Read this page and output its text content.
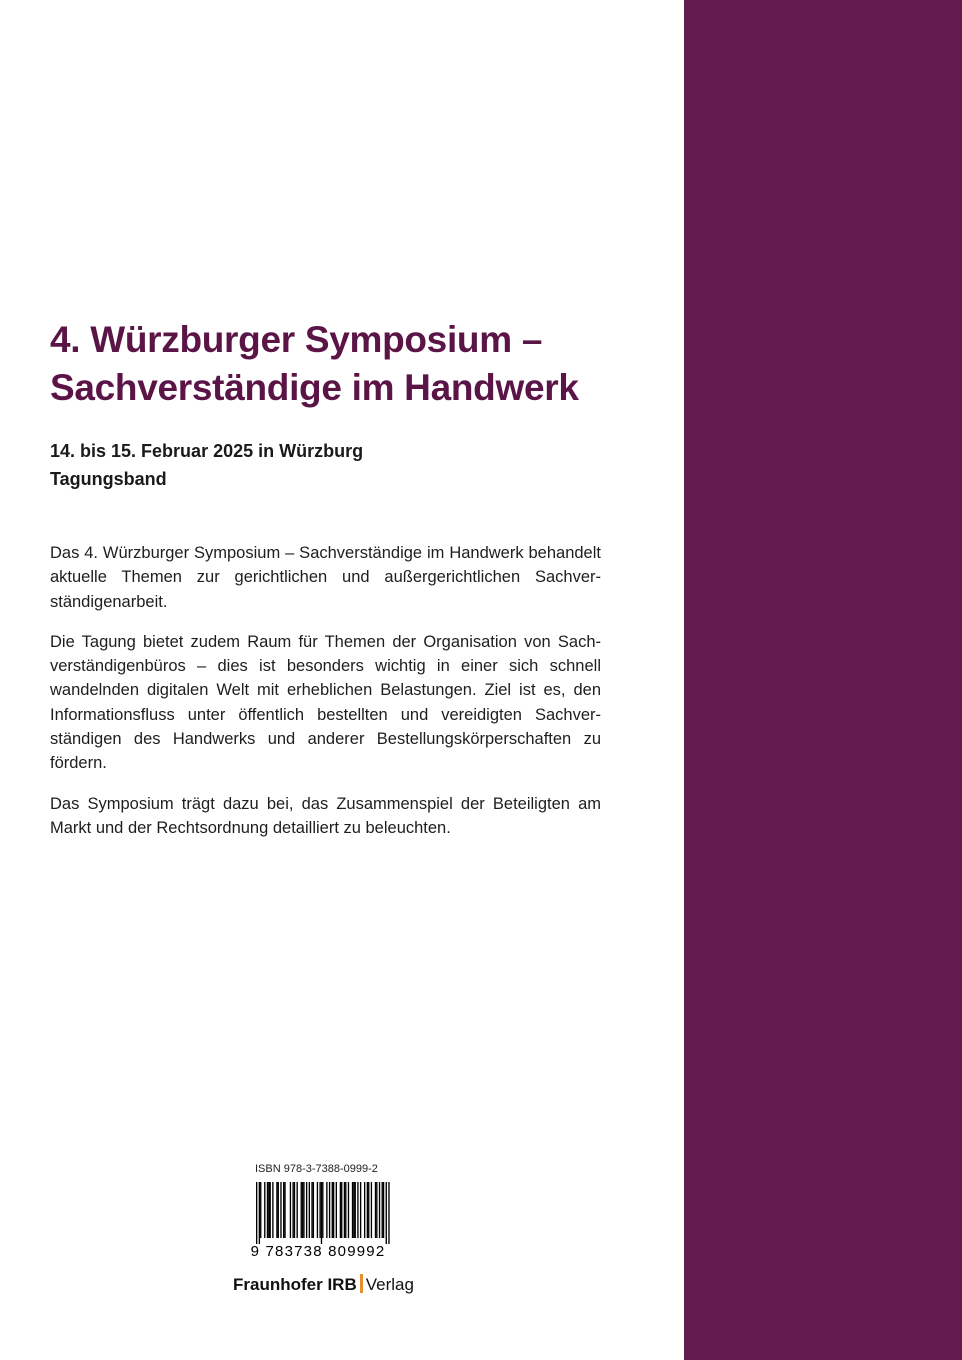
4. Würzburger Symposium –
Sachverständige im Handwerk
14. bis 15. Februar 2025 in Würzburg
Tagungsband

Das 4. Würzburger Symposium – Sachverständige im Handwerk behandelt aktuelle Themen zur gerichtlichen und außergerichtlichen Sachverständigenarbeit.

Die Tagung bietet zudem Raum für Themen der Organisation von Sachverständigenbüros – dies ist besonders wichtig in einer sich schnell wandelnden digitalen Welt mit erheblichen Belastungen. Ziel ist es, den Informationsfluss unter öffentlich bestellten und vereidigten Sachverständigen des Handwerks und anderer Bestellungskörperschaften zu fördern.

Das Symposium trägt dazu bei, das Zusammenspiel der Beteiligten am Markt und der Rechtsordnung detailliert zu beleuchten.

ISBN 978-3-7388-0999-2
9 783738 809992
Fraunhofer IRB Verlag
